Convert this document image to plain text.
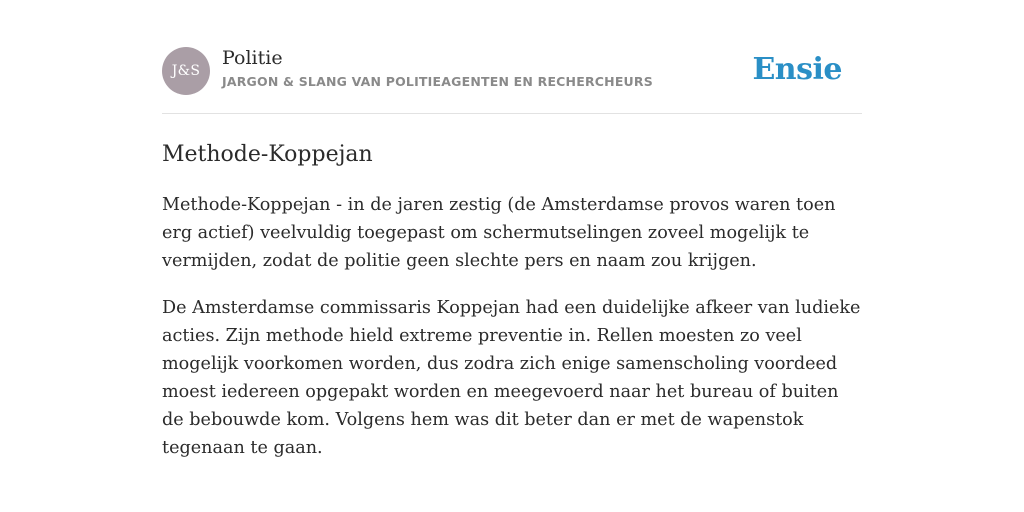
J&S
Politie
JARGON & SLANG VAN POLITIEAGENTEN EN RECHERCHEURS	Ensie
Methode-Koppejan

Methode-Koppejan - in de jaren zestig (de Amsterdamse provos waren toen erg actief) veelvuldig toegepast om schermutselingen zoveel mogelijk te vermijden, zodat de politie geen slechte pers en naam zou krijgen.

De Amsterdamse commissaris Koppejan had een duidelijke afkeer van ludieke acties. Zijn methode hield extreme preventie in. Rellen moesten zo veel mogelijk voorkomen worden, dus zodra zich enige samenscholing voordeed moest iedereen opgepakt worden en meegevoerd naar het bureau of buiten de bebouwde kom. Volgens hem was dit beter dan er met de wapenstok tegenaan te gaan.
